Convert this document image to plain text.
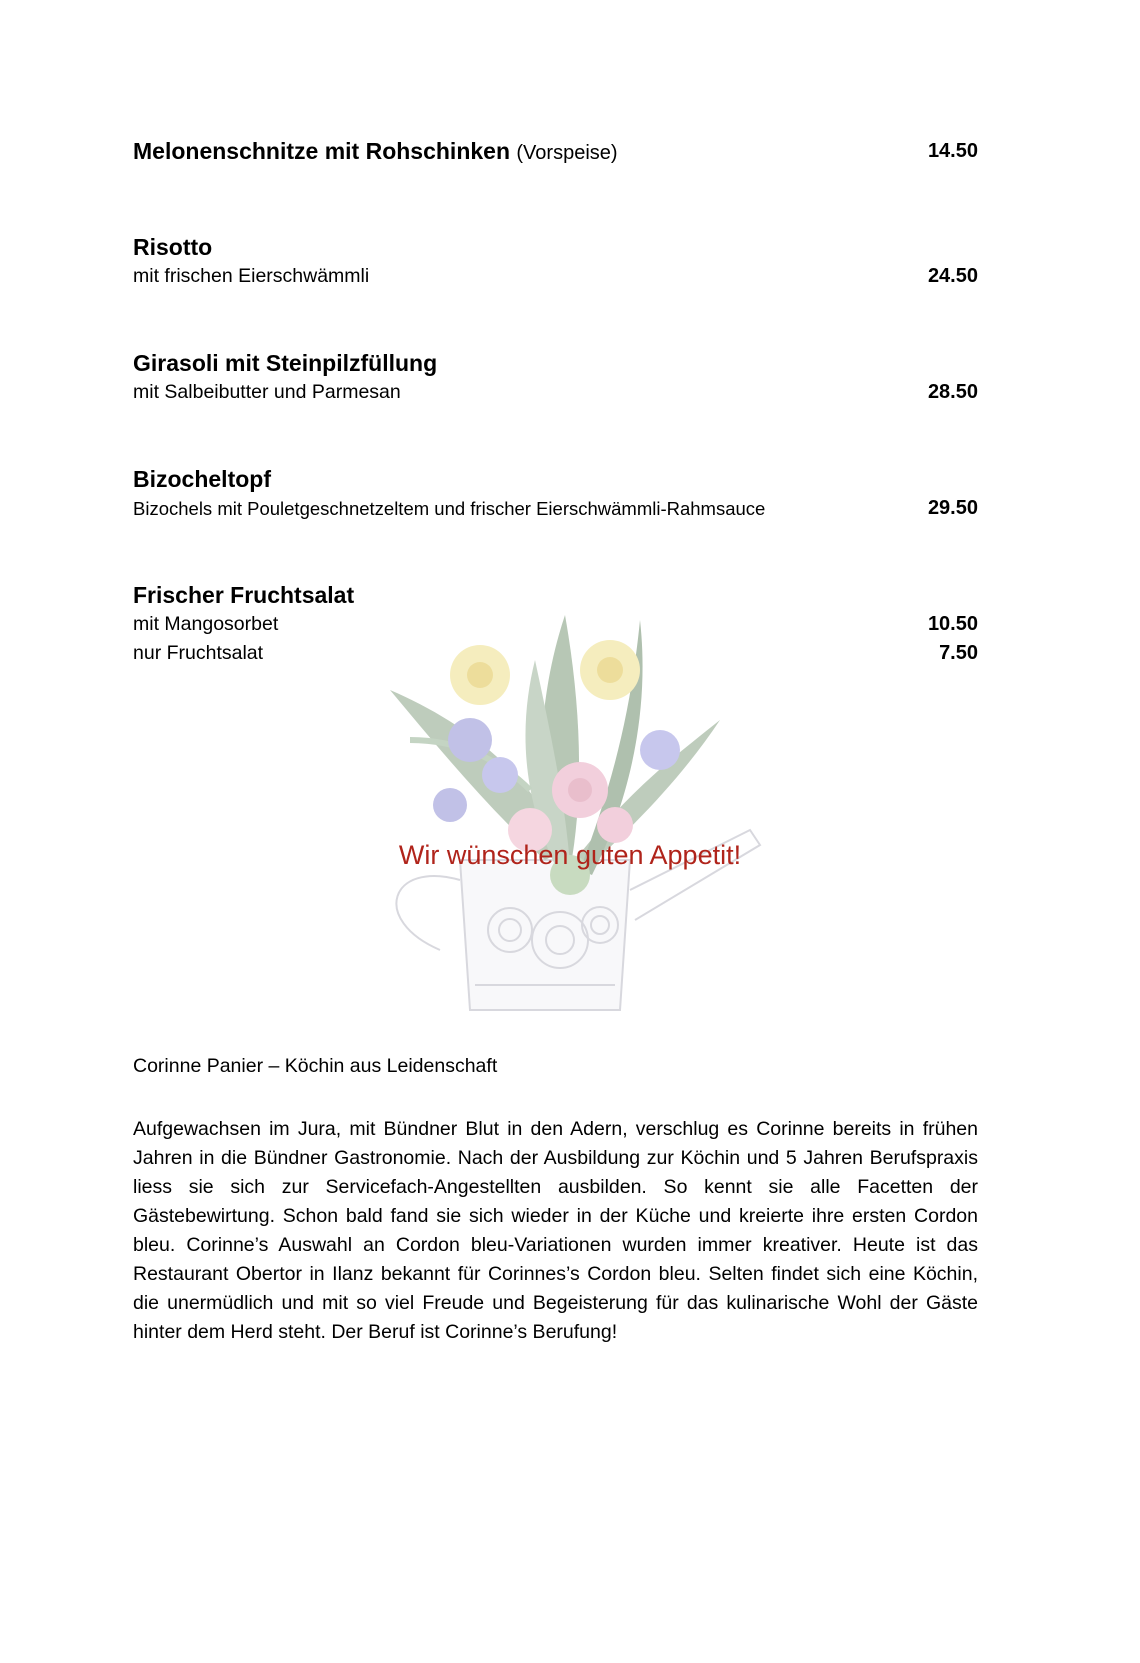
Melonenschnitze mit Rohschinken (Vorspeise)	14.50
Risotto
mit frischen Eierschwämmli	24.50
Girasoli mit Steinpilzfüllung
mit Salbeibutter und Parmesan	28.50
Bizocheltopf
Bizochels mit Pouletgeschnetzeltem und frischer Eierschwämmli-Rahmsauce	29.50
Frischer Fruchtsalat
mit Mangosorbet	10.50
nur Fruchtsalat	7.50
Wir wünschen guten Appetit!
Corinne Panier – Köchin aus Leidenschaft
Aufgewachsen im Jura, mit Bündner Blut in den Adern, verschlug es Corinne bereits in frühen Jahren in die Bündner Gastronomie. Nach der Ausbildung zur Köchin und 5 Jahren Berufspraxis liess sie sich zur Servicefach-Angestellten ausbilden. So kennt sie alle Facetten der Gästebewirtung. Schon bald fand sie sich wieder in der Küche und kreierte ihre ersten Cordon bleu. Corinne’s Auswahl an Cordon bleu-Variationen wurden immer kreativer. Heute ist das Restaurant Obertor in Ilanz bekannt für Corinnes’s Cordon bleu. Selten findet sich eine Köchin, die unermüdlich und mit so viel Freude und Begeisterung für das kulinarische Wohl der Gäste hinter dem Herd steht. Der Beruf ist Corinne’s Berufung!
